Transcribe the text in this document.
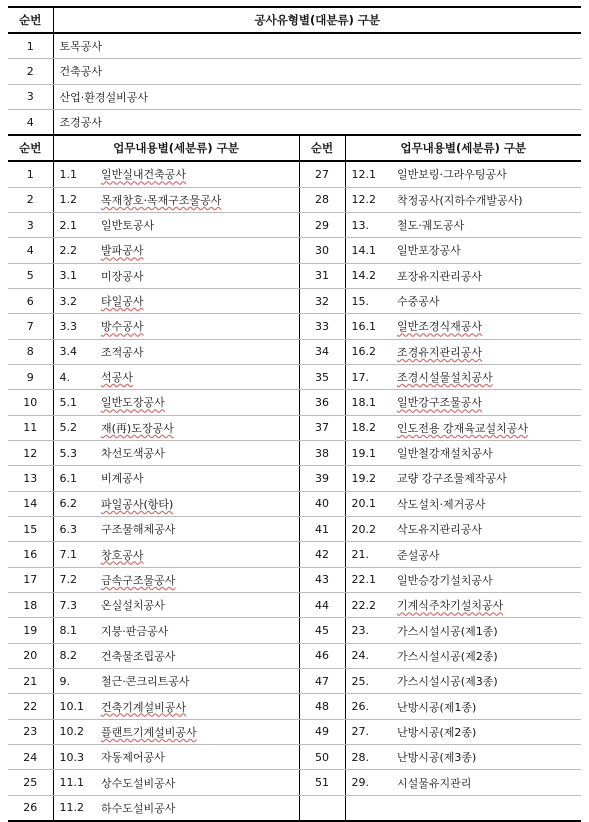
순번	공사유형별(대분류) 구분
1	토목공사
2	건축공사
3	산업·환경설비공사
4	조경공사
순번	업무내용별(세분류) 구분		순번	업무내용별(세분류) 구분	
1	1.1	일반실내건축공사	27	12.1	일반보링·그라우팅공사
2	1.2	목재창호·목재구조물공사	28	12.2	착정공사(지하수개발공사)
3	2.1	일반토공사	29	13.	철도·궤도공사
4	2.2	발파공사	30	14.1	일반포장공사
5	3.1	미장공사	31	14.2	포장유지관리공사
6	3.2	타일공사	32	15.	수중공사
7	3.3	방수공사	33	16.1	일반조경식재공사
8	3.4	조적공사	34	16.2	조경유지관리공사
9	4.	석공사	35	17.	조경시설물설치공사
10	5.1	일반도장공사	36	18.1	일반강구조물공사
11	5.2	재(再)도장공사	37	18.2	인도전용 강재육교설치공사
12	5.3	차선도색공사	38	19.1	일반철강재설치공사
13	6.1	비계공사	39	19.2	교량 강구조물제작공사
14	6.2	파일공사(항타)	40	20.1	삭도설치·제거공사
15	6.3	구조물해체공사	41	20.2	삭도유지관리공사
16	7.1	창호공사	42	21.	준설공사
17	7.2	금속구조물공사	43	22.1	일반승강기설치공사
18	7.3	온실설치공사	44	22.2	기계식주차기설치공사
19	8.1	지붕·판금공사	45	23.	가스시설시공(제1종)
20	8.2	건축물조립공사	46	24.	가스시설시공(제2종)
21	9.	철근·콘크리트공사	47	25.	가스시설시공(제3종)
22	10.1	건축기계설비공사	48	26.	난방시공(제1종)
23	10.2	플랜트기계설비공사	49	27.	난방시공(제2종)
24	10.3	자동제어공사	50	28.	난방시공(제3종)
25	11.1	상수도설비공사	51	29.	시설물유지관리
26	11.2	하수도설비공사			
